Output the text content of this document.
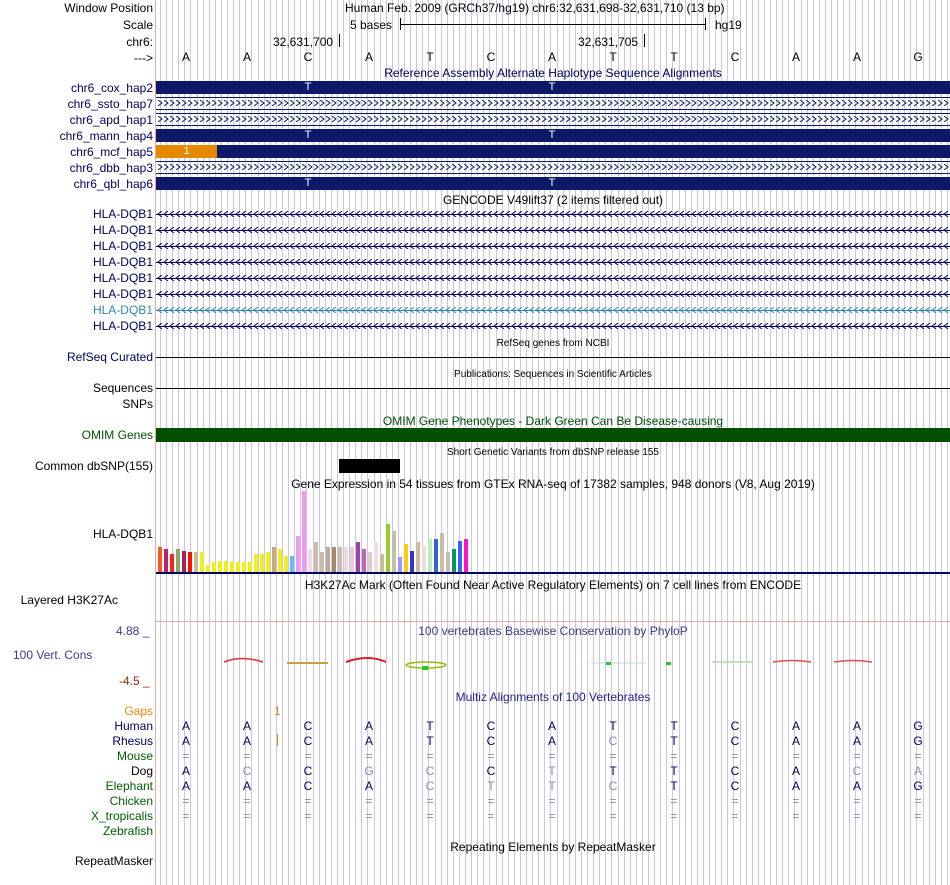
Window Position	Human Feb. 2009 (GRCh37/hg19) chr6:32,631,698-32,631,710 (13 bp)
Scale	5 bases	hg19
chr6:	32,631,700	32,631,705
--->	A	A	C	A	T	C	A	T	T	C	A	A	G
Reference Assembly Alternate Haplotype Sequence Alignments
chr6_cox_hap2	T	T
chr6_ssto_hap7
chr6_apd_hap1
chr6_mann_hap4	T	T
chr6_mcf_hap5	1
chr6_dbb_hap3
chr6_qbl_hap6	T	T
GENCODE V49lift37 (2 items filtered out)
HLA-DQB1
HLA-DQB1
HLA-DQB1
HLA-DQB1
HLA-DQB1
HLA-DQB1
HLA-DQB1
HLA-DQB1
RefSeq genes from NCBI
RefSeq Curated
Publications: Sequences in Scientific Articles
Sequences
SNPs
OMIM Gene Phenotypes - Dark Green Can Be Disease-causing
OMIM Genes
Short Genetic Variants from dbSNP release 155
Common dbSNP(155)
Gene Expression in 54 tissues from GTEx RNA-seq of 17382 samples, 948 donors (V8, Aug 2019)
HLA-DQB1
H3K27Ac Mark (Often Found Near Active Regulatory Elements) on 7 cell lines from ENCODE
Layered H3K27Ac
100 vertebrates Basewise Conservation by PhyloP
4.88 _
100 Vert. Cons
-4.5 _
Multiz Alignments of 100 Vertebrates
Gaps	1
Human	A	A	C	A	T	C	A	T	T	C	A	A	G
Rhesus	A	A	C	A	T	C	A	C	T	C	A	A	G
Mouse	=	=	=	=	=	=	=	=	=	=	=	=	=
Dog	A	C	C	G	C	C	T	T	T	C	A	C	A
Elephant	A	A	C	A	C	T	T	C	T	C	A	A	G
Chicken	=	=	=	=	=	=	=	=	=	=	=	=	=
X_tropicalis	=	=	=	=	=	=	=	=	=	=	=	=	=
Zebrafish
Repeating Elements by RepeatMasker
RepeatMasker
